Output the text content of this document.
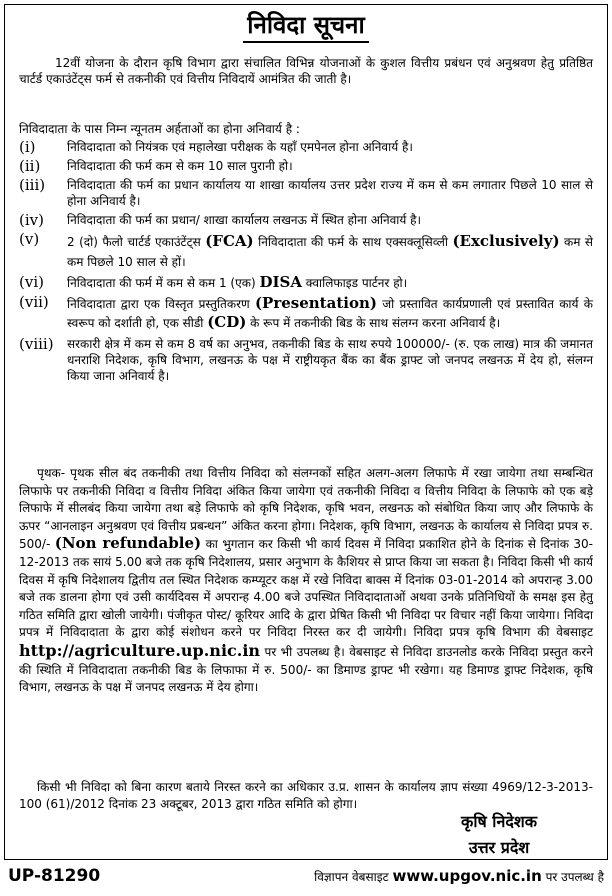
निविदा सूचना
12वीं योजना के दौरान कृषि विभाग द्वारा संचालित विभिन्न योजनाओं के कुशल वित्तीय प्रबंधन एवं अनुश्रवण हेतु प्रतिष्ठित चार्टर्ड एकाउंटेंट्स फर्म से तकनीकी एवं वित्तीय निविदायें आमंत्रित की जाती है।
निविदादाता के पास निम्न न्यूनतम अर्हताओं का होना अनिवार्य है :
(i)	निविदादाता को नियंत्रक एवं महालेखा परीक्षक के यहाँ एमपेनल होना अनिवार्य है।
(ii)	निविदादाता की फर्म कम से कम 10 साल पुरानी हो।
(iii)	निविदादाता की फर्म का प्रधान कार्यालय या शाखा कार्यालय उत्तर प्रदेश राज्य में कम से कम लगातार पिछले 10 साल से होना अनिवार्य है।
(iv)	निविदादाता की फर्म का प्रधान/ शाखा कार्यालय लखनऊ में स्थित होना अनिवार्य है।
(v)	2 (दो) फैलो चार्टर्ड एकाउंटेंट्स (FCA) निविदादाता की फर्म के साथ एक्सक्लूसिव्ली (Exclusively) कम से कम पिछले 10 साल से हों।
(vi)	निविदादाता की फर्म में कम से कम 1 (एक) DISA क्वालिफाइड पार्टनर हो।
(vii)	निविदादाता द्वारा एक विस्तृत प्रस्तुतिकरण (Presentation) जो प्रस्तावित कार्यप्रणाली एवं प्रस्तावित कार्य के स्वरूप को दर्शाती हो, एक सीडी (CD) के रूप में तकनीकी बिड के साथ संलग्न करना अनिवार्य है।
(viii)	सरकारी क्षेत्र में कम से कम 8 वर्ष का अनुभव, तकनीकी बिड के साथ रुपये 100000/- (रु. एक लाख) मात्र की जमानत धनराशि निदेशक, कृषि विभाग, लखनऊ के पक्ष में राष्ट्रीयकृत बैंक का बैंक ड्राफ्ट जो जनपद लखनऊ में देय हो, संलग्न किया जाना अनिवार्य है।
पृथक- पृथक सील बंद तकनीकी तथा वित्तीय निविदा को संलग्नकों सहित अलग-अलग लिफाफे में रखा जायेगा तथा सम्बन्धित लिफाफे पर तकनीकी निविदा व वित्तीय निविदा अंकित किया जायेगा एवं तकनीकी निविदा व वित्तीय निविदा के लिफाफे को एक बड़े लिफाफे में सीलबंद किया जायेगा तथा बड़े लिफाफे को कृषि निदेशक, कृषि भवन, लखनऊ को संबोधित किया जाए और लिफाफे के ऊपर “आनलाइन अनुश्रवण एवं वित्तीय प्रबन्धन” अंकित करना होगा। निदेशक, कृषि विभाग, लखनऊ के कार्यालय से निविदा प्रपत्र रु. 500/- (Non refundable) का भुगतान कर किसी भी कार्य दिवस में निविदा प्रकाशित होने के दिनांक से दिनांक 30-12-2013 तक सायं 5.00 बजे तक कृषि निदेशालय, प्रसार अनुभाग के कैशियर से प्राप्त किया जा सकता है। निविदा किसी भी कार्य दिवस में कृषि निदेशालय द्वितीय तल स्थित निदेशक कम्प्यूटर कक्ष में रखे निविदा बाक्स में दिनांक 03-01-2014 को अपरान्ह 3.00 बजे तक डालना होगा एवं उसी कार्यदिवस में अपरान्ह 4.00 बजे उपस्थित निविदादाताओं अथवा उनके प्रतिनिधियों के समक्ष इस हेतु गठित समिति द्वारा खोली जायेगी। पंजीकृत पोस्ट/ कूरियर आदि के द्वारा प्रेषित किसी भी निविदा पर विचार नहीं किया जायेगा। निविदा प्रपत्र में निविदादाता के द्वारा कोई संशोधन करने पर निविदा निरस्त कर दी जायेगी। निविदा प्रपत्र कृषि विभाग की वेबसाइट http://agriculture.up.nic.in पर भी उपलब्ध है। वेबसाइट से निविदा डाउनलोड करके निविदा प्रस्तुत करने की स्थिति में निविदादाता तकनीकी बिड के लिफाफा में रु. 500/- का डिमाण्ड ड्राफ्ट भी रखेगा। यह डिमाण्ड ड्राफ्ट निदेशक, कृषि विभाग, लखनऊ के पक्ष में जनपद लखनऊ में देय होगा।
किसी भी निविदा को बिना कारण बताये निरस्त करने का अधिकार उ.प्र. शासन के कार्यालय ज्ञाप संख्या 4969/12-3-2013-100 (61)/2012 दिनांक 23 अक्टूबर, 2013 द्वारा गठित समिति को होगा।
कृषि निदेशक
उत्तर प्रदेश
UP-81290	विज्ञापन वेबसाइट www.upgov.nic.in पर उपलब्ध है
